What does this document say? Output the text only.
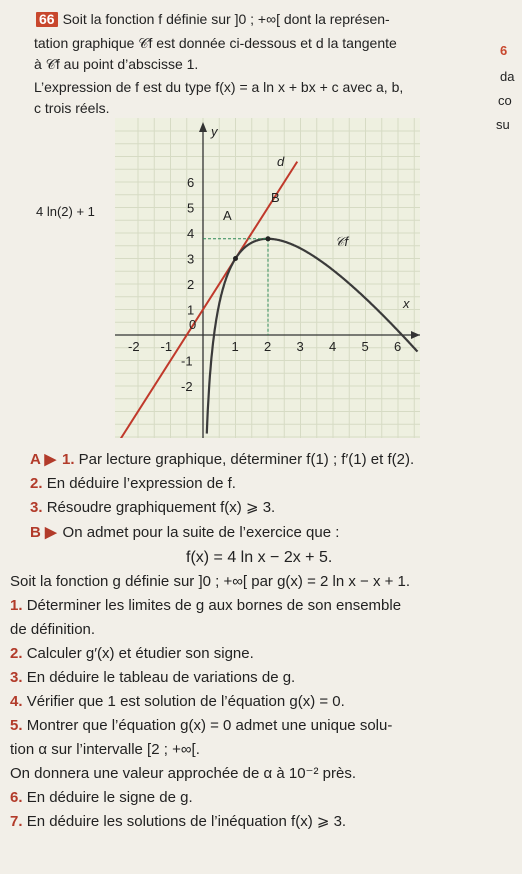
66 Soit la fonction f définie sur ]0 ; +∞[ dont la représen-
tation graphique 𝒞f est donnée ci-dessous et d la tangente
à 𝒞f au point d’abscisse 1.
L’expression de f est du type f(x) = a ln x + bx + c avec a, b,
c trois réels.
6
da
co
su
-2 -1	1 2 3 4 5 6
6
5
4
3
2
1
-1
-2
y
x
d
𝒞f
A
B
0
4 ln(2) + 1
A ▶ 1. Par lecture graphique, déterminer f(1) ; f′(1) et f(2).
2. En déduire l’expression de f.
3. Résoudre graphiquement f(x) ⩾ 3.
B ▶ On admet pour la suite de l’exercice que :
f(x) = 4 ln x − 2x + 5.
Soit la fonction g définie sur ]0 ; +∞[ par g(x) = 2 ln x − x + 1.
1. Déterminer les limites de g aux bornes de son ensemble
de définition.
2. Calculer g′(x) et étudier son signe.
3. En déduire le tableau de variations de g.
4. Vérifier que 1 est solution de l’équation g(x) = 0.
5. Montrer que l’équation g(x) = 0 admet une unique solu-
tion α sur l’intervalle [2 ; +∞[.
On donnera une valeur approchée de α à 10⁻² près.
6. En déduire le signe de g.
7. En déduire les solutions de l’inéquation f(x) ⩾ 3.
